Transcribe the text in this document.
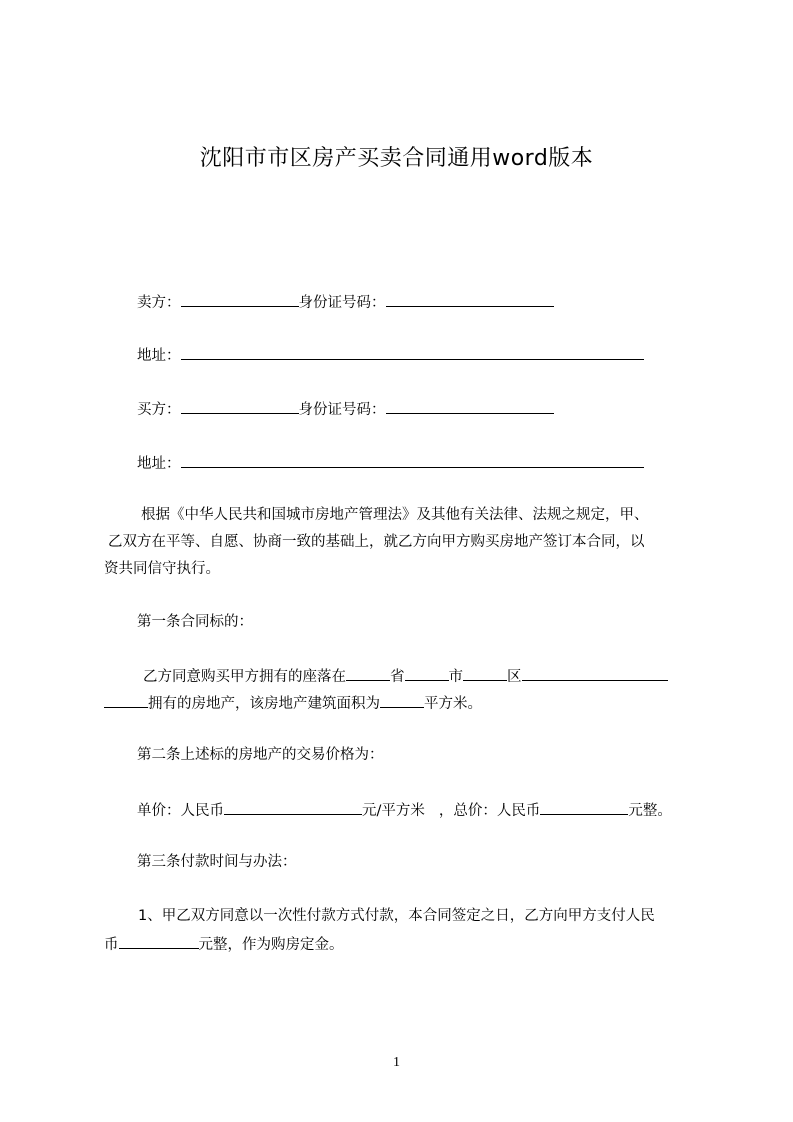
沈阳市市区房产买卖合同通用word版本
卖方：	身份证号码：
地址：
买方：	身份证号码：
地址：
根据《中华人民共和国城市房地产管理法》及其他有关法律、法规之规定，甲、
乙双方在平等、自愿、协商一致的基础上，就乙方向甲方购买房地产签订本合同，以
资共同信守执行。
第一条合同标的：
乙方同意购买甲方拥有的座落在	省	市	区
拥有的房地产，该房地产建筑面积为	平方米。
第二条上述标的房地产的交易价格为：
单价：人民币	元/平方米 ，总价：人民币	元整。
第三条付款时间与办法：
1、甲乙双方同意以一次性付款方式付款，本合同签定之日，乙方向甲方支付人民
币	元整，作为购房定金。
1
